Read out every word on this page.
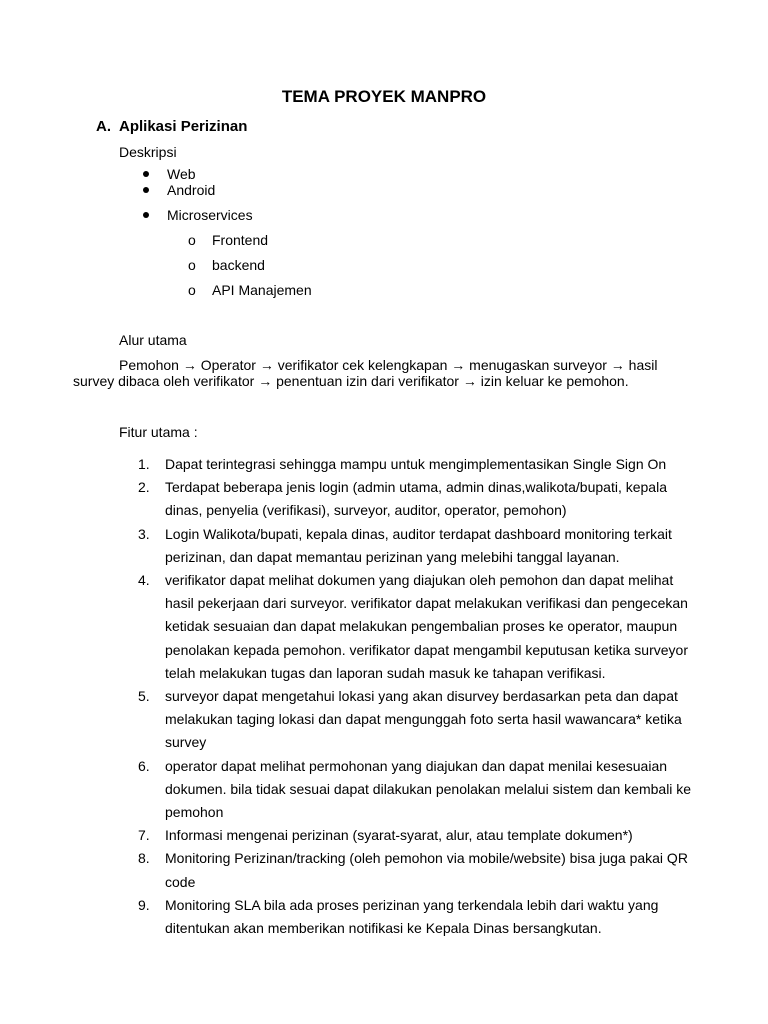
TEMA PROYEK MANPRO
A. Aplikasi Perizinan
Deskripsi
Web
Android
Microservices
o Frontend
o backend
o API Manajemen
Alur utama
Pemohon → Operator → verifikator cek kelengkapan → menugaskan surveyor → hasil survey dibaca oleh verifikator → penentuan izin dari verifikator → izin keluar ke pemohon.
Fitur utama :
1. Dapat terintegrasi sehingga mampu untuk mengimplementasikan Single Sign On
2. Terdapat beberapa jenis login (admin utama, admin dinas,walikota/bupati, kepala dinas, penyelia (verifikasi), surveyor, auditor, operator, pemohon)
3. Login Walikota/bupati, kepala dinas, auditor terdapat dashboard monitoring terkait perizinan, dan dapat memantau perizinan yang melebihi tanggal layanan.
4. verifikator dapat melihat dokumen yang diajukan oleh pemohon dan dapat melihat hasil pekerjaan dari surveyor. verifikator dapat melakukan verifikasi dan pengecekan ketidak sesuaian dan dapat melakukan pengembalian proses ke operator, maupun penolakan kepada pemohon. verifikator dapat mengambil keputusan ketika surveyor telah melakukan tugas dan laporan sudah masuk ke tahapan verifikasi.
5. surveyor dapat mengetahui lokasi yang akan disurvey berdasarkan peta dan dapat melakukan taging lokasi dan dapat mengunggah foto serta hasil wawancara* ketika survey
6. operator dapat melihat permohonan yang diajukan dan dapat menilai kesesuaian dokumen. bila tidak sesuai dapat dilakukan penolakan melalui sistem dan kembali ke pemohon
7. Informasi mengenai perizinan (syarat-syarat, alur, atau template dokumen*)
8. Monitoring Perizinan/tracking (oleh pemohon via mobile/website) bisa juga pakai QR code
9. Monitoring SLA bila ada proses perizinan yang terkendala lebih dari waktu yang ditentukan akan memberikan notifikasi ke Kepala Dinas bersangkutan.
